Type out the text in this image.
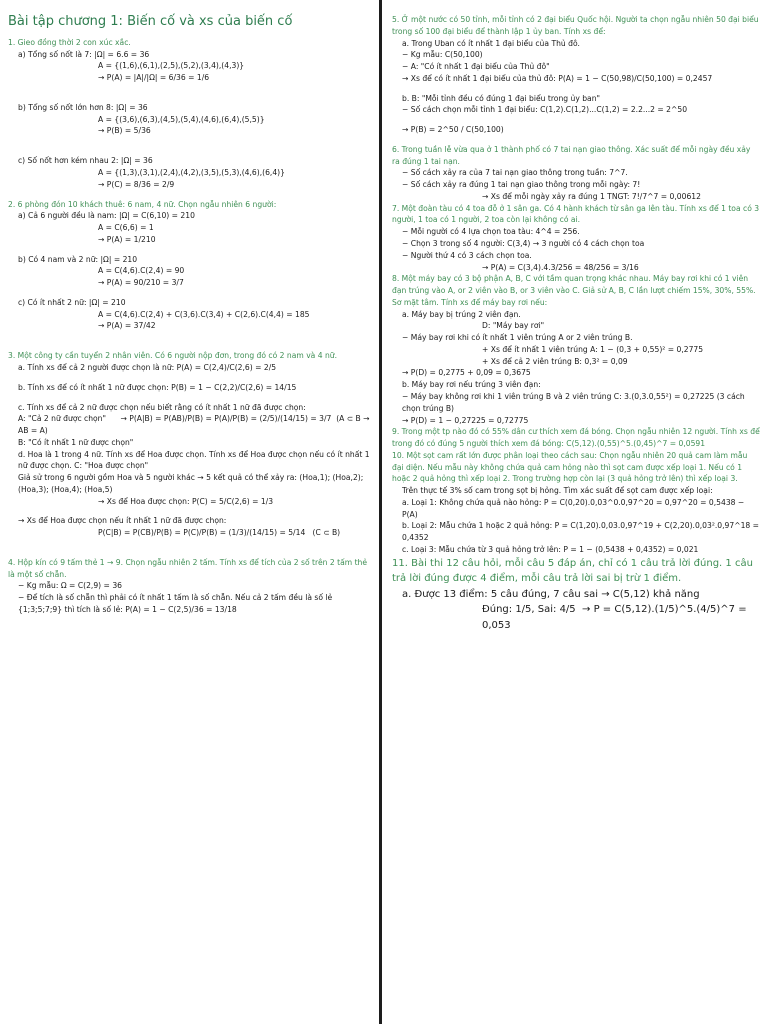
Bài tập chương 1: Biến cố và xs của biến cố
1. Gieo đồng thời 2 con xúc xắc.
a) Tổng số nốt là 7: |Ω| = 6.6 = 36
A = {(1,6),(6,1),(2,5),(5,2),(3,4),(4,3)}
→ P(A) = |A|/|Ω| = 6/36 = 1/6
b) Tổng số nốt lớn hơn 8: |Ω| = 36
A = {(3,6),(6,3),(4,5),(5,4),(4,6),(6,4),(5,5)}
→ P(B) = 5/36
c) Số nốt hơn kém nhau 2: |Ω| = 36
A = {(1,3),(3,1),(2,4),(4,2),(3,5),(5,3),(4,6),(6,4)}
→ P(C) = 8/36 = 2/9
2. 6 phòng đón 10 khách thuê: 6 nam, 4 nữ. Chọn ngẫu nhiên 6 người:
a) Cả 6 người đều là nam: |Ω| = C(6,10) = 210
A = C(6,6) = 1
→ P(A) = 1/210
b) Có 4 nam và 2 nữ: |Ω| = 210
A = C(4,6).C(2,4) = 90
→ P(A) = 90/210 = 3/7
c) Có ít nhất 2 nữ: |Ω| = 210
A = C(4,6).C(2,4) + C(3,6).C(3,4) + C(2,6).C(4,4) = 185
→ P(A) = 37/42
3. Một công ty cần tuyển 2 nhân viên. Có 6 người nộp đơn, trong đó có 2 nam và 4 nữ.
a. Tính xs để cả 2 người được chọn là nữ: P(A) = C(2,4)/C(2,6) = 2/5
b. Tính xs để có ít nhất 1 nữ được chọn: P(B) = 1 − C(2,2)/C(2,6) = 14/15
c. Tính xs để cả 2 nữ được chọn nếu biết rằng có ít nhất 1 nữ đã được chọn:
A: "Cả 2 nữ được chọn"      → P(A|B) = P(AB)/P(B) = P(A)/P(B) = (2/5)/(14/15) = 3/7  (A ⊂ B → AB = A)
B: "Có ít nhất 1 nữ được chọn"
d. Hoa là 1 trong 4 nữ. Tính xs để Hoa được chọn. Tính xs để Hoa được chọn nếu có ít nhất 1 nữ được chọn. C: "Hoa được chọn"
Giả sử trong 6 người gồm Hoa và 5 người khác → 5 kết quả có thể xảy ra: (Hoa,1); (Hoa,2); (Hoa,3); (Hoa,4); (Hoa,5)
→ Xs để Hoa được chọn: P(C) = 5/C(2,6) = 1/3
→ Xs để Hoa được chọn nếu ít nhất 1 nữ đã được chọn:
P(C|B) = P(CB)/P(B) = P(C)/P(B) = (1/3)/(14/15) = 5/14   (C ⊂ B)
4. Hộp kín có 9 tấm thẻ 1 → 9. Chọn ngẫu nhiên 2 tấm. Tính xs để tích của 2 số trên 2 tấm thẻ là một số chẵn.
− Kg mẫu: Ω = C(2,9) = 36
− Để tích là số chẵn thì phải có ít nhất 1 tấm là số chẵn. Nếu cả 2 tấm đều là số lẻ {1;3;5;7;9} thì tích là số lẻ: P(A) = 1 − C(2,5)/36 = 13/18
5. Ở một nước có 50 tỉnh, mỗi tỉnh có 2 đại biểu Quốc hội. Người ta chọn ngẫu nhiên 50 đại biểu trong số 100 đại biểu để thành lập 1 ủy ban. Tính xs để:
a. Trong Uban có ít nhất 1 đại biểu của Thủ đô.
− Kg mẫu: C(50,100)
− A: "Có ít nhất 1 đại biểu của Thủ đô"
→ Xs để có ít nhất 1 đại biểu của thủ đô: P(A) = 1 − C(50,98)/C(50,100) = 0,2457
b. B: "Mỗi tỉnh đều có đúng 1 đại biểu trong ủy ban"
− Số cách chọn mỗi tỉnh 1 đại biểu: C(1,2).C(1,2)...C(1,2) = 2.2...2 = 2^50
→ P(B) = 2^50 / C(50,100)
6. Trong tuần lễ vừa qua ở 1 thành phố có 7 tai nạn giao thông. Xác suất để mỗi ngày đều xảy ra đúng 1 tai nạn.
− Số cách xảy ra của 7 tai nạn giao thông trong tuần: 7^7.
− Số cách xảy ra đúng 1 tai nạn giao thông trong mỗi ngày: 7!
→ Xs để mỗi ngày xảy ra đúng 1 TNGT: 7!/7^7 = 0,00612
7. Một đoàn tàu có 4 toa đỗ ở 1 sân ga. Có 4 hành khách từ sân ga lên tàu. Tính xs để 1 toa có 3 người, 1 toa có 1 người, 2 toa còn lại không có ai.
− Mỗi người có 4 lựa chọn toa tàu: 4^4 = 256.
− Chọn 3 trong số 4 người: C(3,4) → 3 người có 4 cách chọn toa
− Người thứ 4 có 3 cách chọn toa.
→ P(A) = C(3,4).4.3/256 = 48/256 = 3/16
8. Một máy bay có 3 bộ phận A, B, C với tầm quan trọng khác nhau. Máy bay rơi khi có 1 viên đạn trúng vào A, or 2 viên vào B, or 3 viên vào C. Giả sử A, B, C lần lượt chiếm 15%, 30%, 55%. Sơ mặt tâm. Tính xs để máy bay rơi nếu:
a. Máy bay bị trúng 2 viên đạn.
D: "Máy bay rơi"
− Máy bay rơi khi có ít nhất 1 viên trúng A or 2 viên trúng B.
+ Xs để ít nhất 1 viên trúng A: 1 − (0,3 + 0,55)² = 0,2775
+ Xs để cả 2 viên trúng B: 0,3² = 0,09
→ P(D) = 0,2775 + 0,09 = 0,3675
b. Máy bay rơi nếu trúng 3 viên đạn:
− Máy bay không rơi khi 1 viên trúng B và 2 viên trúng C: 3.(0,3.0,55²) = 0,27225 (3 cách chọn trúng B)
→ P(D) = 1 − 0,27225 = 0,72775
9. Trong một tp nào đó có 55% dân cư thích xem đá bóng. Chọn ngẫu nhiên 12 người. Tính xs để trong đó có đúng 5 người thích xem đá bóng: C(5,12).(0,55)^5.(0,45)^7 = 0,0591
10. Một sọt cam rất lớn được phân loại theo cách sau: Chọn ngẫu nhiên 20 quả cam làm mẫu đại diện. Nếu mẫu này không chứa quả cam hỏng nào thì sọt cam được xếp loại 1. Nếu có 1 hoặc 2 quả hỏng thì xếp loại 2. Trong trường hợp còn lại (3 quả hỏng trở lên) thì xếp loại 3.
Trên thực tế 3% số cam trong sọt bị hỏng. Tìm xác suất để sọt cam được xếp loại:
a. Loại 1: Không chứa quả nào hỏng: P = C(0,20).0,03^0.0,97^20 = 0,97^20 = 0,5438 − P(A)
b. Loại 2: Mẫu chứa 1 hoặc 2 quả hỏng: P = C(1,20).0,03.0,97^19 + C(2,20).0,03².0,97^18 = 0,4352
c. Loại 3: Mẫu chứa từ 3 quả hỏng trở lên: P = 1 − (0,5438 + 0,4352) = 0,021
11. Bài thi 12 câu hỏi, mỗi câu 5 đáp án, chỉ có 1 câu trả lời đúng. 1 câu trả lời đúng được 4 điểm, mỗi câu trả lời sai bị trừ 1 điểm.
a. Được 13 điểm: 5 câu đúng, 7 câu sai → C(5,12) khả năng
Đúng: 1/5, Sai: 4/5  → P = C(5,12).(1/5)^5.(4/5)^7 = 0,053
